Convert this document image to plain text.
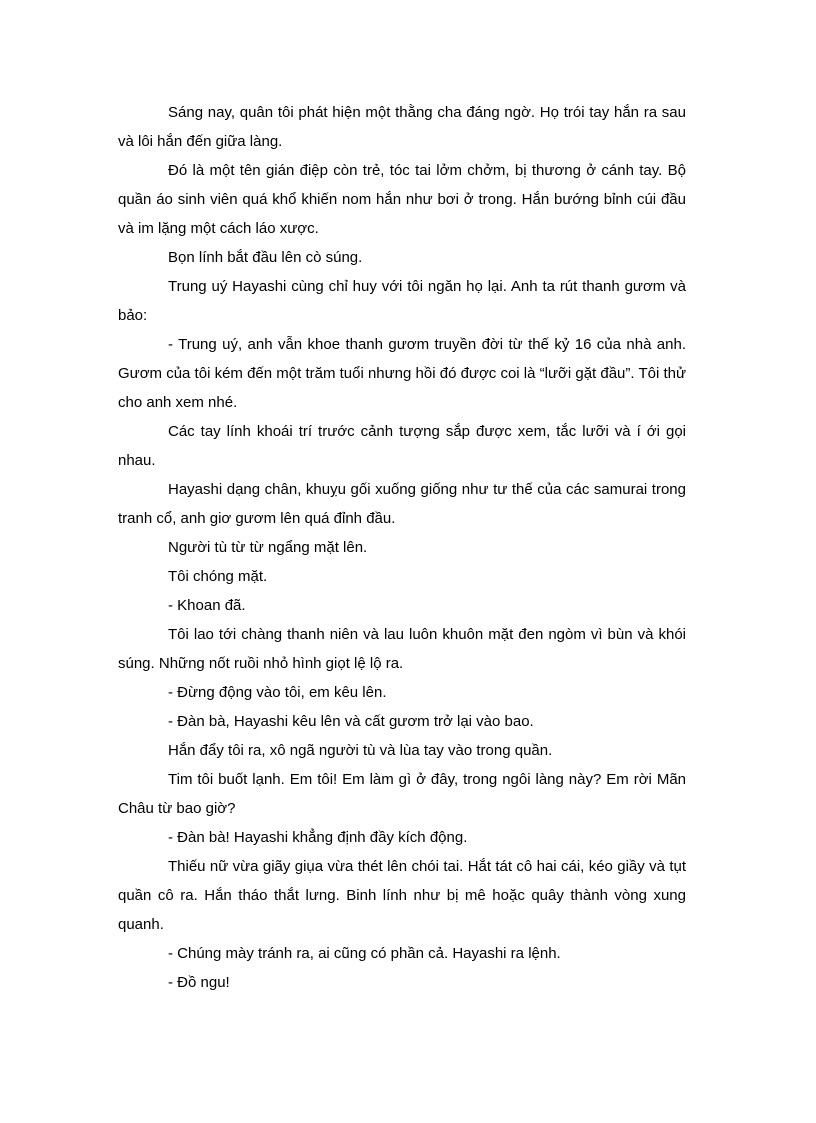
Sáng nay, quân tôi phát hiện một thằng cha đáng ngờ. Họ trói tay hắn ra sau và lôi hắn đến giữa làng.

Đó là một tên gián điệp còn trẻ, tóc tai lởm chởm, bị thương ở cánh tay. Bộ quần áo sinh viên quá khổ khiến nom hắn như bơi ở trong. Hắn bướng bỉnh cúi đầu và im lặng một cách láo xược.

Bọn lính bắt đầu lên cò súng.

Trung uý Hayashi cùng chỉ huy với tôi ngăn họ lại. Anh ta rút thanh gươm và bảo:

- Trung uý, anh vẫn khoe thanh gươm truyền đời từ thế kỷ 16 của nhà anh. Gươm của tôi kém đến một trăm tuổi nhưng hồi đó được coi là “lưỡi gặt đầu”. Tôi thử cho anh xem nhé.

Các tay lính khoái trí trước cảnh tượng sắp được xem, tắc lưỡi và í ới gọi nhau.

Hayashi dạng chân, khuỵu gối xuống giống như tư thế của các samurai trong tranh cổ, anh giơ gươm lên quá đỉnh đầu.

Người tù từ từ ngẩng mặt lên.

Tôi chóng mặt.

- Khoan đã.

Tôi lao tới chàng thanh niên và lau luôn khuôn mặt đen ngòm vì bùn và khói súng. Những nốt ruồi nhỏ hình giọt lệ lộ ra.

- Đừng động vào tôi, em kêu lên.

- Đàn bà, Hayashi kêu lên và cất gươm trở lại vào bao.

Hắn đẩy tôi ra, xô ngã người tù và lùa tay vào trong quần.

Tim tôi buốt lạnh. Em tôi! Em làm gì ở đây, trong ngôi làng này? Em rời Mãn Châu từ bao giờ?

- Đàn bà! Hayashi khẳng định đầy kích động.

Thiếu nữ vừa giãy giụa vừa thét lên chói tai. Hắt tát cô hai cái, kéo giầy và tụt quần cô ra. Hắn tháo thắt lưng. Binh lính như bị mê hoặc quây thành vòng xung quanh.

- Chúng mày tránh ra, ai cũng có phần cả. Hayashi ra lệnh.

- Đồ ngu!
